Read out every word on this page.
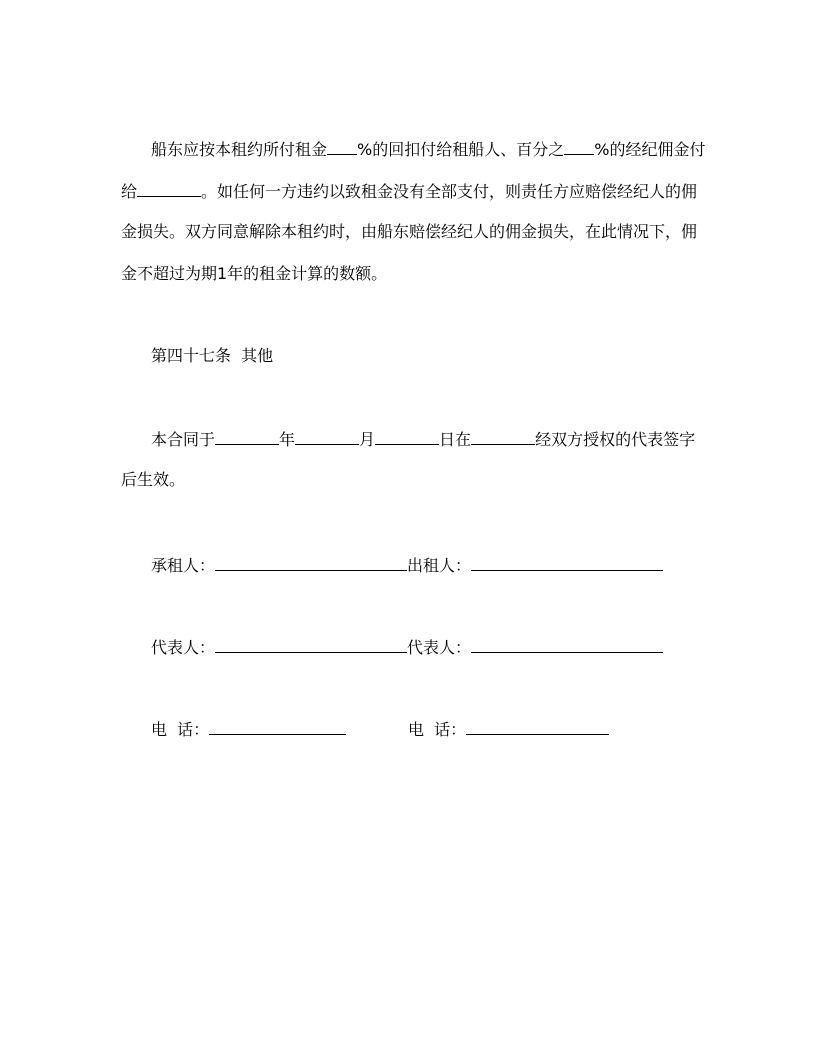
船东应按本租约所付租金 %的回扣付给租船人、百分之 %的经纪佣金付
给	。如任何一方违约以致租金没有全部支付，则责任方应赔偿经纪人的佣
金损失。双方同意解除本租约时，由船东赔偿经纪人的佣金损失，在此情况下，佣
金不超过为期1年的租金计算的数额。
第四十七条  其他
本合同于	年	月	日在	经双方授权的代表签字
后生效。
承租人：	出租人：
代表人：	代表人：
电  话：	电  话：
